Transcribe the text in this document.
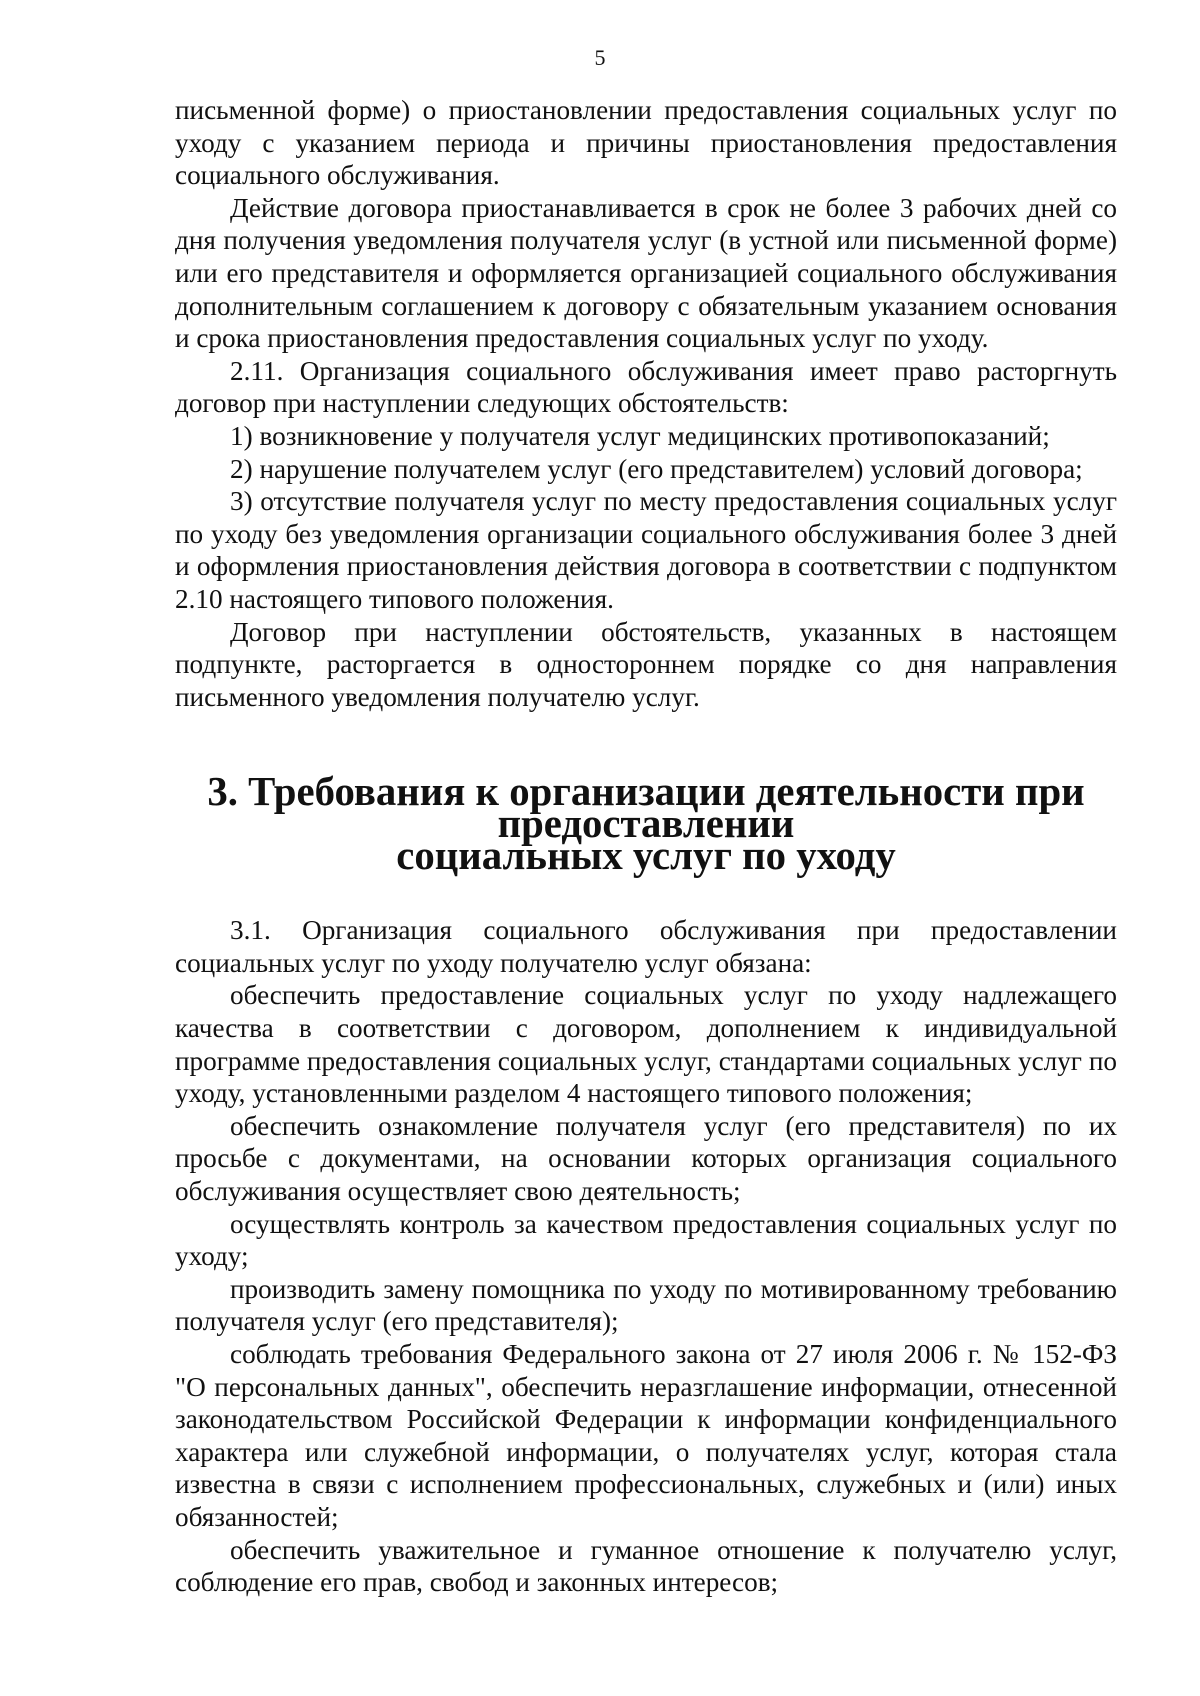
5

письменной форме) о приостановлении предоставления социальных услуг по уходу с указанием периода и причины приостановления предоставления социального обслуживания.

Действие договора приостанавливается в срок не более 3 рабочих дней со дня получения уведомления получателя услуг (в устной или письменной форме) или его представителя и оформляется организацией социального обслуживания дополнительным соглашением к договору с обязательным указанием основания и срока приостановления предоставления социальных услуг по уходу.

2.11. Организация социального обслуживания имеет право расторгнуть договор при наступлении следующих обстоятельств:

1) возникновение у получателя услуг медицинских противопоказаний;

2) нарушение получателем услуг (его представителем) условий договора;

3) отсутствие получателя услуг по месту предоставления социальных услуг по уходу без уведомления организации социального обслуживания более 3 дней и оформления приостановления действия договора в соответствии с подпунктом 2.10 настоящего типового положения.

Договор при наступлении обстоятельств, указанных в настоящем подпункте, расторгается в одностороннем порядке со дня направления письменного уведомления получателю услуг.

3. Требования к организации деятельности при предоставлении
социальных услуг по уходу

3.1. Организация социального обслуживания при предоставлении социальных услуг по уходу получателю услуг обязана:

обеспечить предоставление социальных услуг по уходу надлежащего качества в соответствии с договором, дополнением к индивидуальной программе предоставления социальных услуг, стандартами социальных услуг по уходу, установленными разделом 4 настоящего типового положения;

обеспечить ознакомление получателя услуг (его представителя) по их просьбе с документами, на основании которых организация социального обслуживания осуществляет свою деятельность;

осуществлять контроль за качеством предоставления социальных услуг по уходу;

производить замену помощника по уходу по мотивированному требованию получателя услуг (его представителя);

соблюдать требования Федерального закона от 27 июля 2006 г. № 152-ФЗ "О персональных данных", обеспечить неразглашение информации, отнесенной законодательством Российской Федерации к информации конфиденциального характера или служебной информации, о получателях услуг, которая стала известна в связи с исполнением профессиональных, служебных и (или) иных обязанностей;

обеспечить уважительное и гуманное отношение к получателю услуг, соблюдение его прав, свобод и законных интересов;
